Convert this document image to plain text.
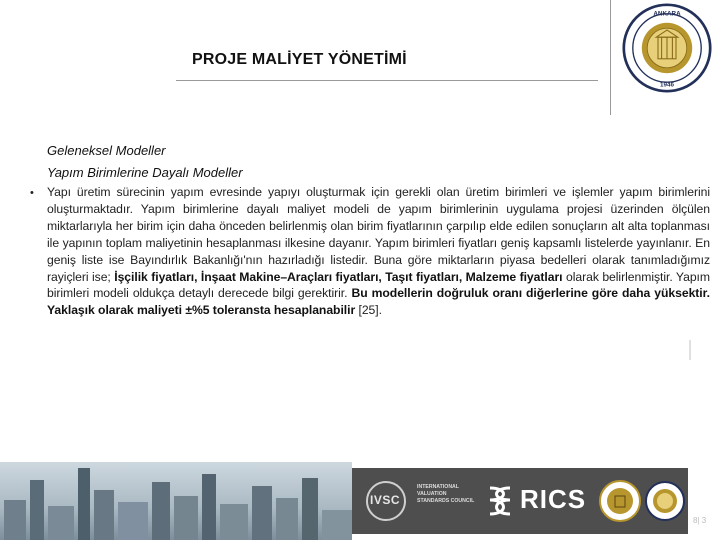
PROJE MALİYET YÖNETİMİ
ANKARA
1946
Geleneksel Modeller
Yapım Birimlerine Dayalı Modeller
• Yapı üretim sürecinin yapım evresinde yapıyı oluşturmak için gerekli olan üretim birimleri ve işlemler yapım birimlerini oluşturmaktadır. Yapım birimlerine dayalı maliyet modeli de yapım birimlerinin uygulama projesi üzerinden ölçülen miktarlarıyla her birim için daha önceden belirlenmiş olan birim fiyatlarının çarpılıp elde edilen sonuçların alt alta toplanması ile yapının toplam maliyetinin hesaplanması ilkesine dayanır. Yapım birimleri fiyatları geniş kapsamlı listelerde yayınlanır. En geniş liste ise Bayındırlık Bakanlığı'nın hazırladığı listedir. Buna göre miktarların piyasa bedelleri olarak tanımladığımız rayiçleri ise; İşçilik fiyatları, İnşaat Makine–Araçları fiyatları, Taşıt fiyatları, Malzeme fiyatları olarak belirlenmiştir. Yapım birimleri modeli oldukça detaylı derecede bilgi gerektirir. Bu modellerin doğruluk oranı diğerlerine göre daha yüksektir. Yaklaşık olarak maliyeti ±%5 toleransta hesaplanabilir [25].
IVSC
INTERNATIONAL VALUATION STANDARDS COUNCIL RICS
8| 3
